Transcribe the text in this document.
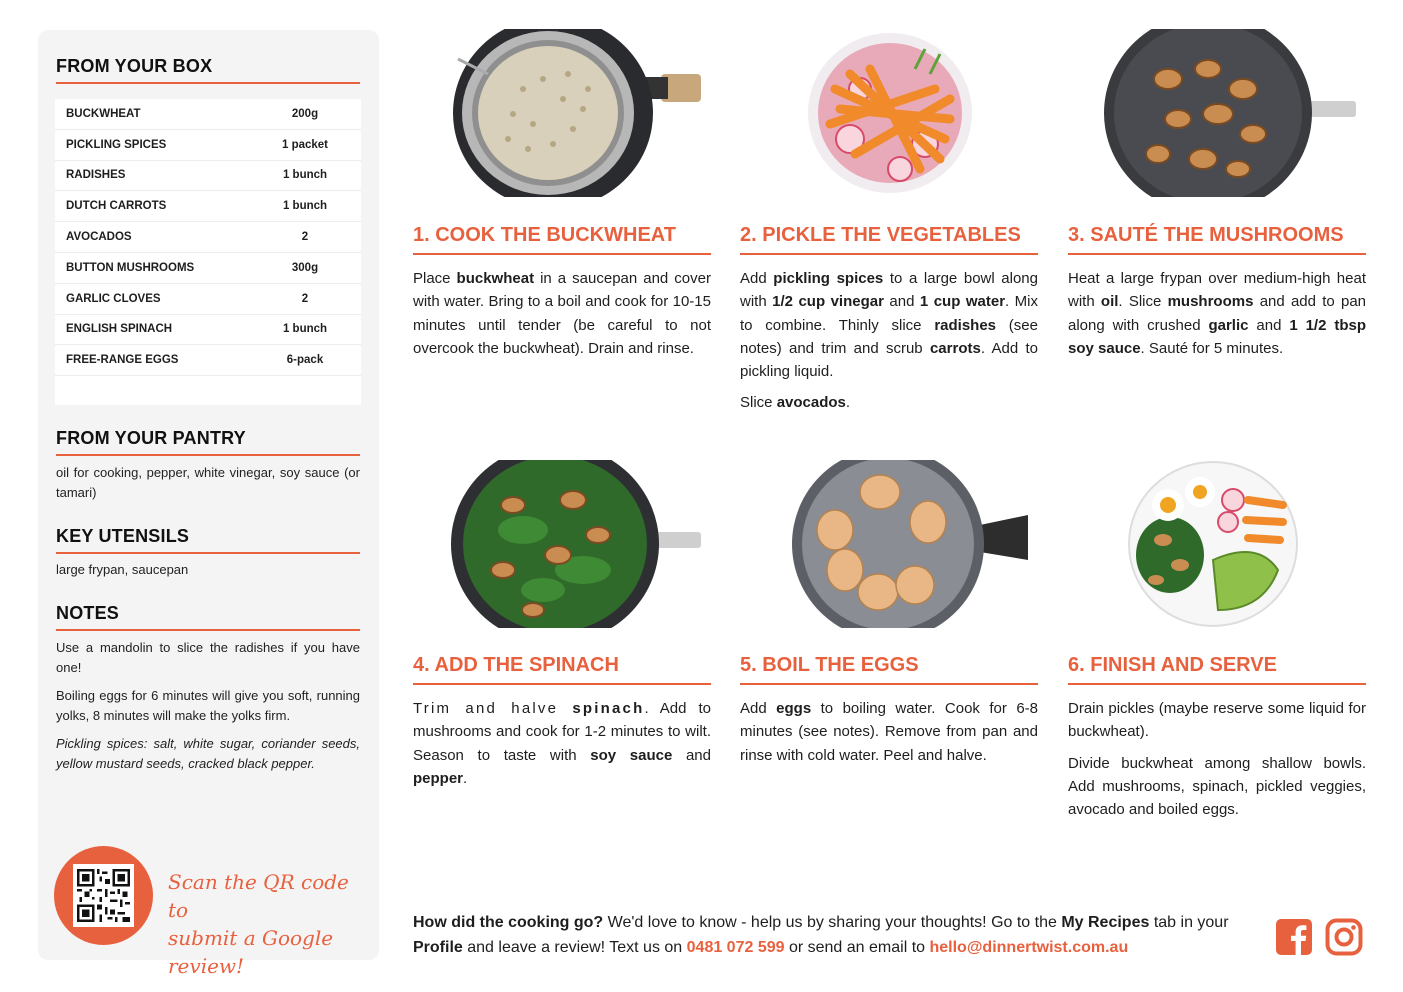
FROM YOUR BOX
BUCKWHEAT	200g
PICKLING SPICES	1 packet
RADISHES	1 bunch
DUTCH CARROTS	1 bunch
AVOCADOS	2
BUTTON MUSHROOMS	300g
GARLIC CLOVES	2
ENGLISH SPINACH	1 bunch
FREE-RANGE EGGS	6-pack
FROM YOUR PANTRY
oil for cooking, pepper, white vinegar, soy sauce (or tamari)
KEY UTENSILS
large frypan, saucepan
NOTES
Use a mandolin to slice the radishes if you have one!
Boiling eggs for 6 minutes will give you soft, running yolks, 8 minutes will make the yolks firm.
Pickling spices: salt, white sugar, coriander seeds, yellow mustard seeds, cracked black pepper.
Scan the QR code to
submit a Google review!
1. COOK THE BUCKWHEAT

Place buckwheat in a saucepan and cover with water. Bring to a boil and cook for 10-15 minutes until tender (be careful to not overcook the buckwheat). Drain and rinse.

2. PICKLE THE VEGETABLES

Add pickling spices to a large bowl along with 1/2 cup vinegar and 1 cup water. Mix to combine. Thinly slice radishes (see notes) and trim and scrub carrots. Add to pickling liquid.

Slice avocados.

3. SAUTÉ THE MUSHROOMS

Heat a large frypan over medium-high heat with oil. Slice mushrooms and add to pan along with crushed garlic and 1 1/2 tbsp soy sauce. Sauté for 5 minutes.

4. ADD THE SPINACH

Trim and halve spinach. Add to mushrooms and cook for 1-2 minutes to wilt. Season to taste with soy sauce and pepper.

5. BOIL THE EGGS

Add eggs to boiling water. Cook for 6-8 minutes (see notes). Remove from pan and rinse with cold water. Peel and halve.

6. FINISH AND SERVE

Drain pickles (maybe reserve some liquid for buckwheat).

Divide buckwheat among shallow bowls. Add mushrooms, spinach, pickled veggies, avocado and boiled eggs.

How did the cooking go? We'd love to know - help us by sharing your thoughts! Go to the My Recipes tab in your Profile and leave a review! Text us on 0481 072 599 or send an email to hello@dinnertwist.com.au
